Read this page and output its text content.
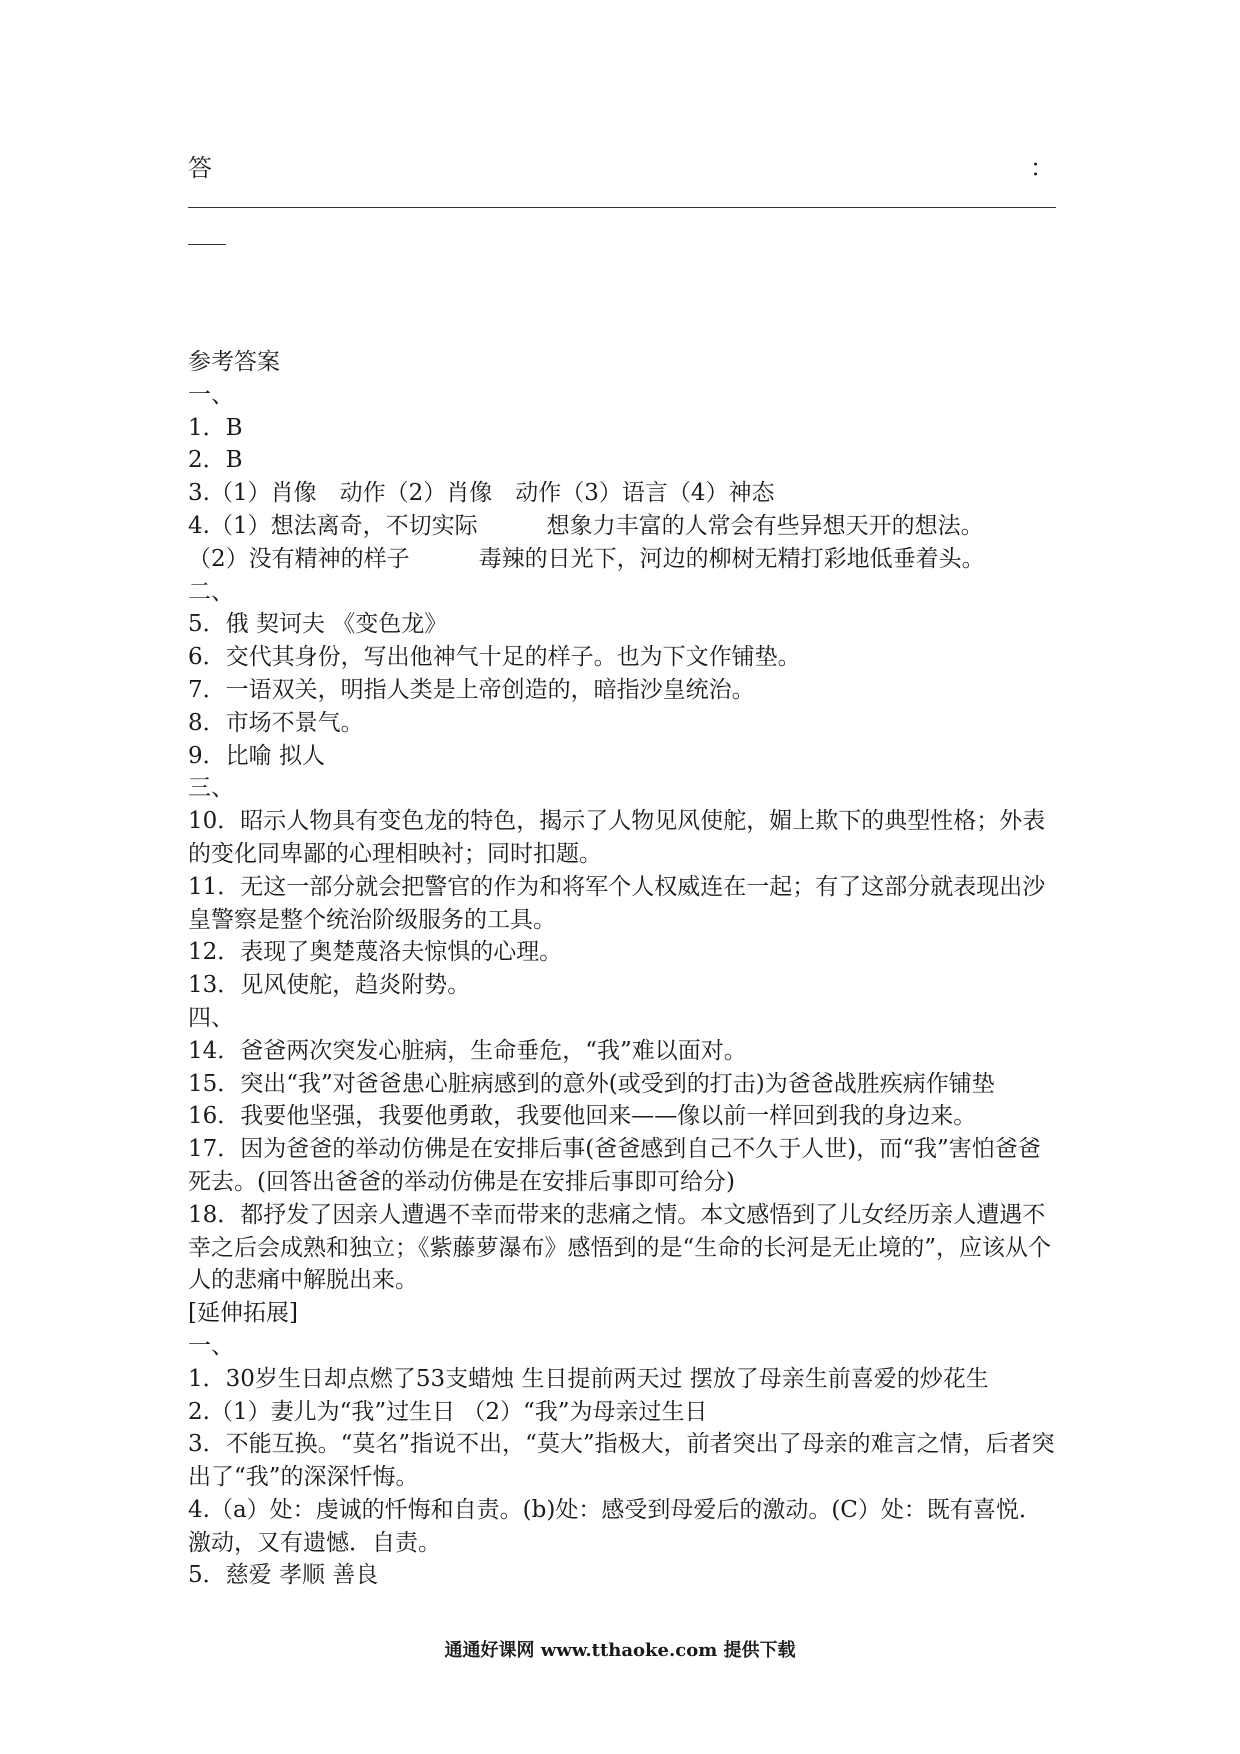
答	：
参考答案
一、
1．B
2．B
3.（1）肖像　动作（2）肖像　动作（3）语言（4）神态
4.（1）想法离奇，不切实际　　　想象力丰富的人常会有些异想天开的想法。
（2）没有精神的样子　　　毒辣的日光下，河边的柳树无精打彩地低垂着头。
二、
5．俄 契诃夫 《变色龙》
6．交代其身份，写出他神气十足的样子。也为下文作铺垫。
7．一语双关，明指人类是上帝创造的，暗指沙皇统治。
8．市场不景气。
9．比喻 拟人
三、
10．昭示人物具有变色龙的特色，揭示了人物见风使舵，媚上欺下的典型性格；外表的变化同卑鄙的心理相映衬；同时扣题。
11．无这一部分就会把警官的作为和将军个人权威连在一起；有了这部分就表现出沙皇警察是整个统治阶级服务的工具。
12．表现了奥楚蔑洛夫惊惧的心理。
13．见风使舵，趋炎附势。
四、
14．爸爸两次突发心脏病，生命垂危，“我”难以面对。
15．突出“我”对爸爸患心脏病感到的意外(或受到的打击)为爸爸战胜疾病作铺垫
16．我要他坚强，我要他勇敢，我要他回来——像以前一样回到我的身边来。
17．因为爸爸的举动仿佛是在安排后事(爸爸感到自己不久于人世)，而“我”害怕爸爸死去。(回答出爸爸的举动仿佛是在安排后事即可给分)
18．都抒发了因亲人遭遇不幸而带来的悲痛之情。本文感悟到了儿女经历亲人遭遇不幸之后会成熟和独立；《紫藤萝瀑布》感悟到的是“生命的长河是无止境的”，应该从个人的悲痛中解脱出来。
[延伸拓展]
一、
1．30岁生日却点燃了53支蜡烛 生日提前两天过 摆放了母亲生前喜爱的炒花生
2.（1）妻儿为“我”过生日 （2）“我”为母亲过生日
3．不能互换。“莫名”指说不出，“莫大”指极大，前者突出了母亲的难言之情，后者突出了“我”的深深忏悔。
4.（a）处：虔诚的忏悔和自责。(b)处：感受到母爱后的激动。(C）处：既有喜悦．激动，又有遗憾．自责。
5．慈爱 孝顺 善良
通通好课网 www.tthaoke.com 提供下载
